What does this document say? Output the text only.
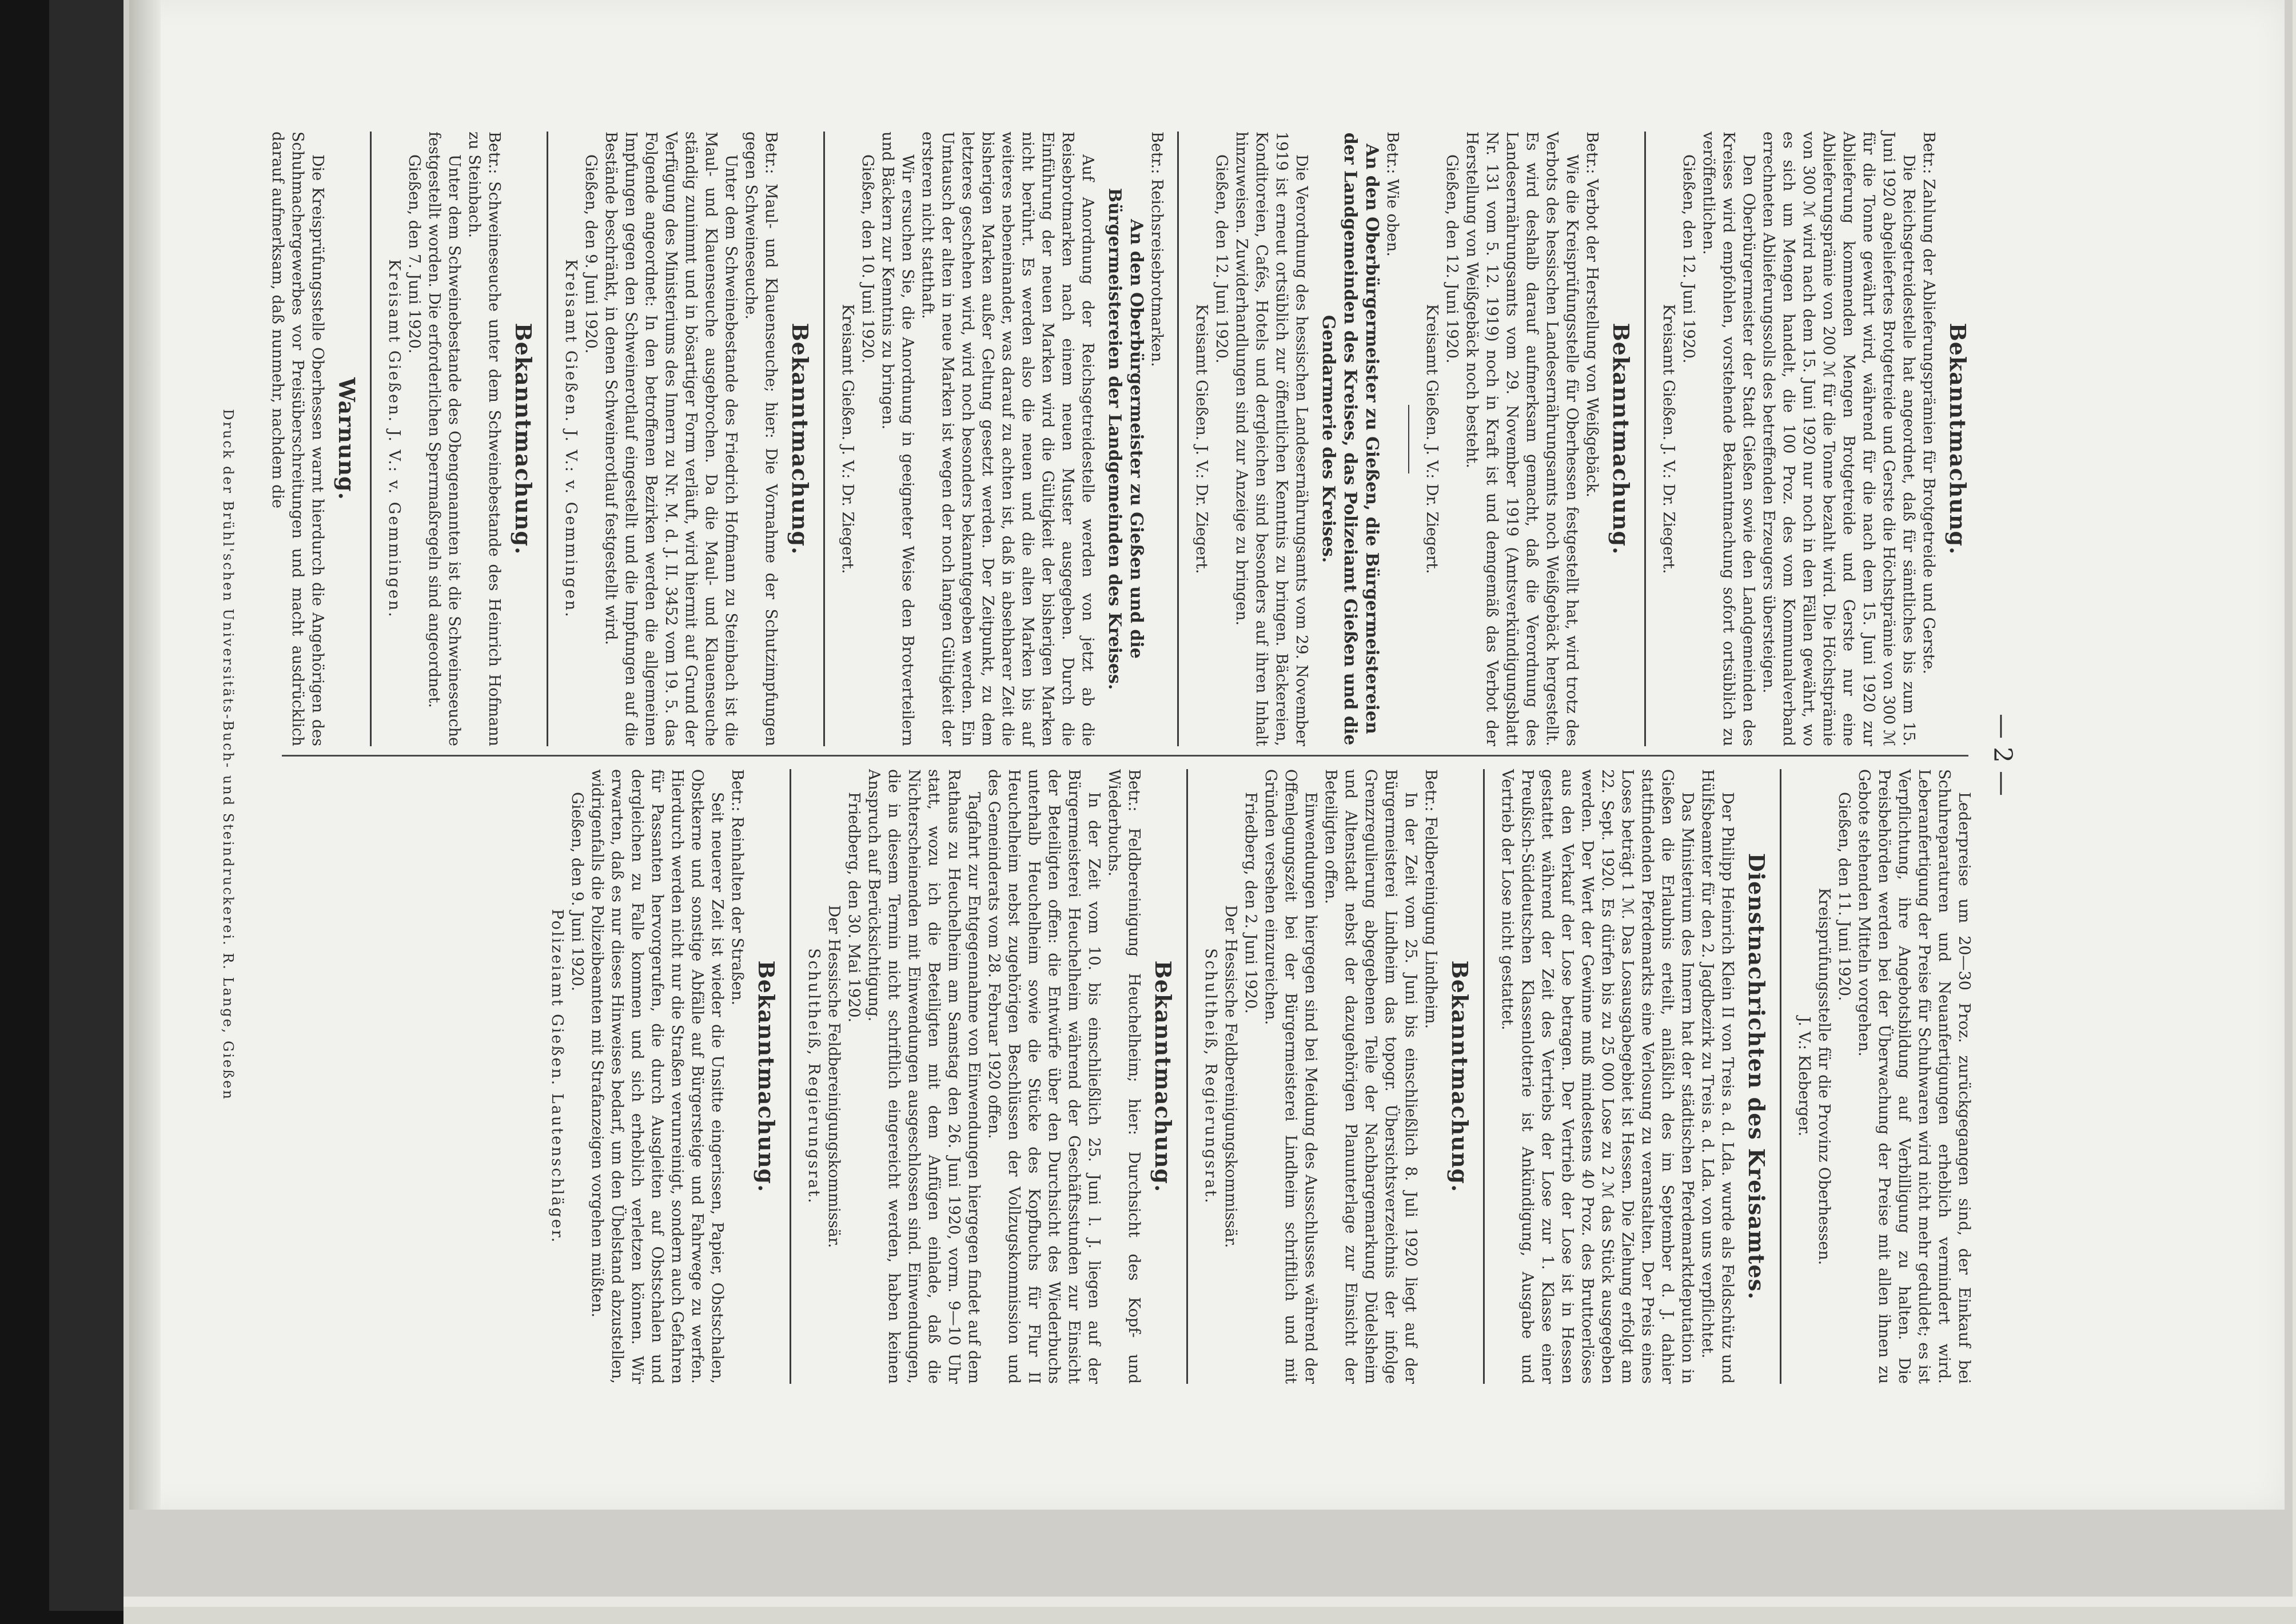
— 2 —
Bekanntmachung.
Betr.: Zahlung der Ablieferungsprämien für Brotgetreide und Gerste.
Die Reichsgetreidestelle hat angeordnet, daß für sämtliches bis zum 15. Juni 1920 abgeliefertes Brotgetreide und Gerste die Höchstprämie von 300 ℳ für die Tonne gewährt wird, während für die nach dem 15. Juni 1920 zur Ablieferung kommenden Mengen Brotgetreide und Gerste nur eine Ablieferungsprämie von 200 ℳ für die Tonne bezahlt wird. Die Höchstprämie von 300 ℳ wird nach dem 15. Juni 1920 nur noch in den Fällen gewährt, wo es sich um Mengen handelt, die 100 Proz. des vom Kommunalverband errechneten Ablieferungssolls des betreffenden Erzeugers übersteigen.
Den Oberbürgermeister der Stadt Gießen sowie den Landgemeinden des Kreises wird empfohlen, vorstehende Bekanntmachung sofort ortsüblich zu veröffentlichen.
Gießen, den 12. Juni 1920.
Kreisamt Gießen. J. V.: Dr. Ziegert.
Bekanntmachung.
Betr.: Verbot der Herstellung von Weißgebäck.
Wie die Kreisprüfungsstelle für Oberhessen festgestellt hat, wird trotz des Verbots des hessischen Landesernährungsamts noch Weißgebäck hergestellt. Es wird deshalb darauf aufmerksam gemacht, daß die Verordnung des Landesernährungsamts vom 29. November 1919 (Amtsverkündigungsblatt Nr. 131 vom 5. 12. 1919) noch in Kraft ist und demgemäß das Verbot der Herstellung von Weißgebäck noch besteht.
Gießen, den 12. Juni 1920.
Kreisamt Gießen. J. V.: Dr. Ziegert.
Betr.: Wie oben.
An den Oberbürgermeister zu Gießen, die Bürgermeistereien der Landgemeinden des Kreises, das Polizeiamt Gießen und die Gendarmerie des Kreises.
Die Verordnung des hessischen Landesernährungsamts vom 29. November 1919 ist erneut ortsüblich zur öffentlichen Kenntnis zu bringen. Bäckereien, Konditoreien, Cafés, Hotels und dergleichen sind besonders auf ihren Inhalt hinzuweisen. Zuwiderhandlungen sind zur Anzeige zu bringen.
Gießen, den 12. Juni 1920.
Kreisamt Gießen. J. V.: Dr. Ziegert.
Betr.: Reichsreisebrotmarken.
An den Oberbürgermeister zu Gießen und die Bürgermeistereien der Landgemeinden des Kreises.
Auf Anordnung der Reichsgetreidestelle werden von jetzt ab die Reisebrotmarken nach einem neuen Muster ausgegeben. Durch die Einführung der neuen Marken wird die Gültigkeit der bisherigen Marken nicht berührt. Es werden also die neuen und die alten Marken bis auf weiteres nebeneinander, was darauf zu achten ist, daß in absehbarer Zeit die bisherigen Marken außer Geltung gesetzt werden. Der Zeitpunkt, zu dem letzteres geschehen wird, wird noch besonders bekanntgegeben werden. Ein Umtausch der alten in neue Marken ist wegen der noch langen Gültigkeit der ersteren nicht statthaft.
Wir ersuchen Sie, die Anordnung in geeigneter Weise den Brotverteilern und Bäckern zur Kenntnis zu bringen.
Gießen, den 10. Juni 1920.
Kreisamt Gießen. J. V.: Dr. Ziegert.
Bekanntmachung.
Betr.: Maul- und Klauenseuche; hier: Die Vornahme der Schutzimpfungen gegen Schweineseuche.
Unter dem Schweinebestande des Friedrich Hofmann zu Steinbach ist die Maul- und Klauenseuche ausgebrochen. Da die Maul- und Klauenseuche ständig zunimmt und in bösartiger Form verläuft, wird hiermit auf Grund der Verfügung des Ministeriums des Innern zu Nr. M. d. J. II. 3452 vom 19. 5. das Folgende angeordnet: In den betroffenen Bezirken werden die allgemeinen Impfungen gegen den Schweinerotlauf eingestellt und die Impfungen auf die Bestände beschränkt, in denen Schweinerotlauf festgestellt wird.
Gießen, den 9. Juni 1920.
Kreisamt Gießen. J. V.: v. Gemmingen.
Bekanntmachung.
Betr.: Schweineseuche unter dem Schweinebestande des Heinrich Hofmann zu Steinbach.
Unter dem Schweinebestande des Obengenannten ist die Schweineseuche festgestellt worden. Die erforderlichen Sperrmaßregeln sind angeordnet.
Gießen, den 7. Juni 1920.
Kreisamt Gießen. J. V.: v. Gemmingen.
Warnung.
Die Kreisprüfungsstelle Oberhessen warnt hierdurch die Angehörigen des Schuhmachergewerbes vor Preisüberschreitungen und macht ausdrücklich darauf aufmerksam, daß nunmehr, nachdem die
Lederpreise um 20—30 Proz. zurückgegangen sind, der Einkauf bei Schuhreparaturen und Neuanfertigungen erheblich vermindert wird. Leberanfertigung der Preise für Schuhwaren wird nicht mehr geduldet; es ist Verpflichtung, ihre Angebotsbildung auf Verbilligung zu halten. Die Preisbehörden werden bei der Überwachung der Preise mit allen ihnen zu Gebote stehenden Mitteln vorgehen.
Gießen, den 11. Juni 1920.
Kreisprüfungsstelle für die Provinz Oberhessen.
J. V.: Kleberger.
Dienstnachrichten des Kreisamtes.
Der Philipp Heinrich Klein II von Treis a. d. Lda. wurde als Feldschütz und Hülfsbeamter für den 2. Jagdbezirk zu Treis a. d. Lda. von uns verpflichtet.
Das Ministerium des Innern hat der städtischen Pferdemarktdeputation in Gießen die Erlaubnis erteilt, anläßlich des im September d. J. dahier stattfindenden Pferdemarkts eine Verlosung zu veranstalten. Der Preis eines Loses beträgt 1 ℳ. Das Losausgabegebiet ist Hessen. Die Ziehung erfolgt am 22. Sept. 1920. Es dürfen bis zu 25 000 Lose zu 2 ℳ das Stück ausgegeben werden. Der Wert der Gewinne muß mindestens 40 Proz. des Bruttoerlöses aus den Verkauf der Lose betragen. Der Vertrieb der Lose ist in Hessen gestattet während der Zeit des Vertriebs der Lose zur 1. Klasse einer Preußisch-Süddeutschen Klassenlotterie ist Ankündigung, Ausgabe und Vertrieb der Lose nicht gestattet.
Bekanntmachung.
Betr.: Feldbereinigung Lindheim.
In der Zeit vom 25. Juni bis einschließlich 8. Juli 1920 liegt auf der Bürgermeisterei Lindheim das topogr. Übersichtsverzeichnis der infolge Grenzregulierung abgegebenen Teile der Nachbargemarkung Düdelsheim und Altenstadt nebst der dazugehörigen Planunterlage zur Einsicht der Beteiligten offen.
Einwendungen hiergegen sind bei Meidung des Ausschlusses während der Offenlegungszeit bei der Bürgermeisterei Lindheim schriftlich und mit Gründen versehen einzureichen.
Friedberg, den 2. Juni 1920.
Der Hessische Feldbereinigungskommissär.
Schultheiß, Regierungsrat.
Bekanntmachung.
Betr.: Feldbereinigung Heuchelheim; hier: Durchsicht des Kopf- und Wiederbuchs.
In der Zeit vom 10. bis einschließlich 25. Juni l. J. liegen auf der Bürgermeisterei Heuchelheim während der Geschäftsstunden zur Einsicht der Beteiligten offen: die Entwürfe über den Durchsicht des Wiederbuchs unterhalb Heuchelheim sowie die Stücke des Kopfbuchs für Flur II Heuchelheim nebst zugehörigen Beschlüssen der Vollzugskommission und des Gemeinderats vom 28. Februar 1920 offen.
Tagfahrt zur Entgegennahme von Einwendungen hiergegen findet auf dem Rathaus zu Heuchelheim am Samstag den 26. Juni 1920, vorm. 9—10 Uhr statt, wozu ich die Beteiligten mit dem Anfügen einlade, daß die Nichterscheinenden mit Einwendungen ausgeschlossen sind. Einwendungen, die in diesem Termin nicht schriftlich eingereicht werden, haben keinen Anspruch auf Berücksichtigung.
Friedberg, den 30. Mai 1920.
Der Hessische Feldbereinigungskommissär.
Schultheiß, Regierungsrat.
Bekanntmachung.
Betr.: Reinhalten der Straßen.
Seit neuerer Zeit ist wieder die Unsitte eingerissen, Papier, Obstschalen, Obstkerne und sonstige Abfälle auf Bürgersteige und Fahrwege zu werfen. Hierdurch werden nicht nur die Straßen verunreinigt, sondern auch Gefahren für Passanten hervorgerufen, die durch Ausgleiten auf Obstschalen und dergleichen zu Falle kommen und sich erheblich verletzen können. Wir erwarten, daß es nur dieses Hinweises bedarf, um den Übelstand abzustellen, widrigenfalls die Polizeibeamten mit Strafanzeigen vorgehen müßten.
Gießen, den 9. Juni 1920.
Polizeiamt Gießen. Lautenschläger.
Druck der Brühl'schen Universitäts-Buch- und Steindruckerei. R. Lange, Gießen
